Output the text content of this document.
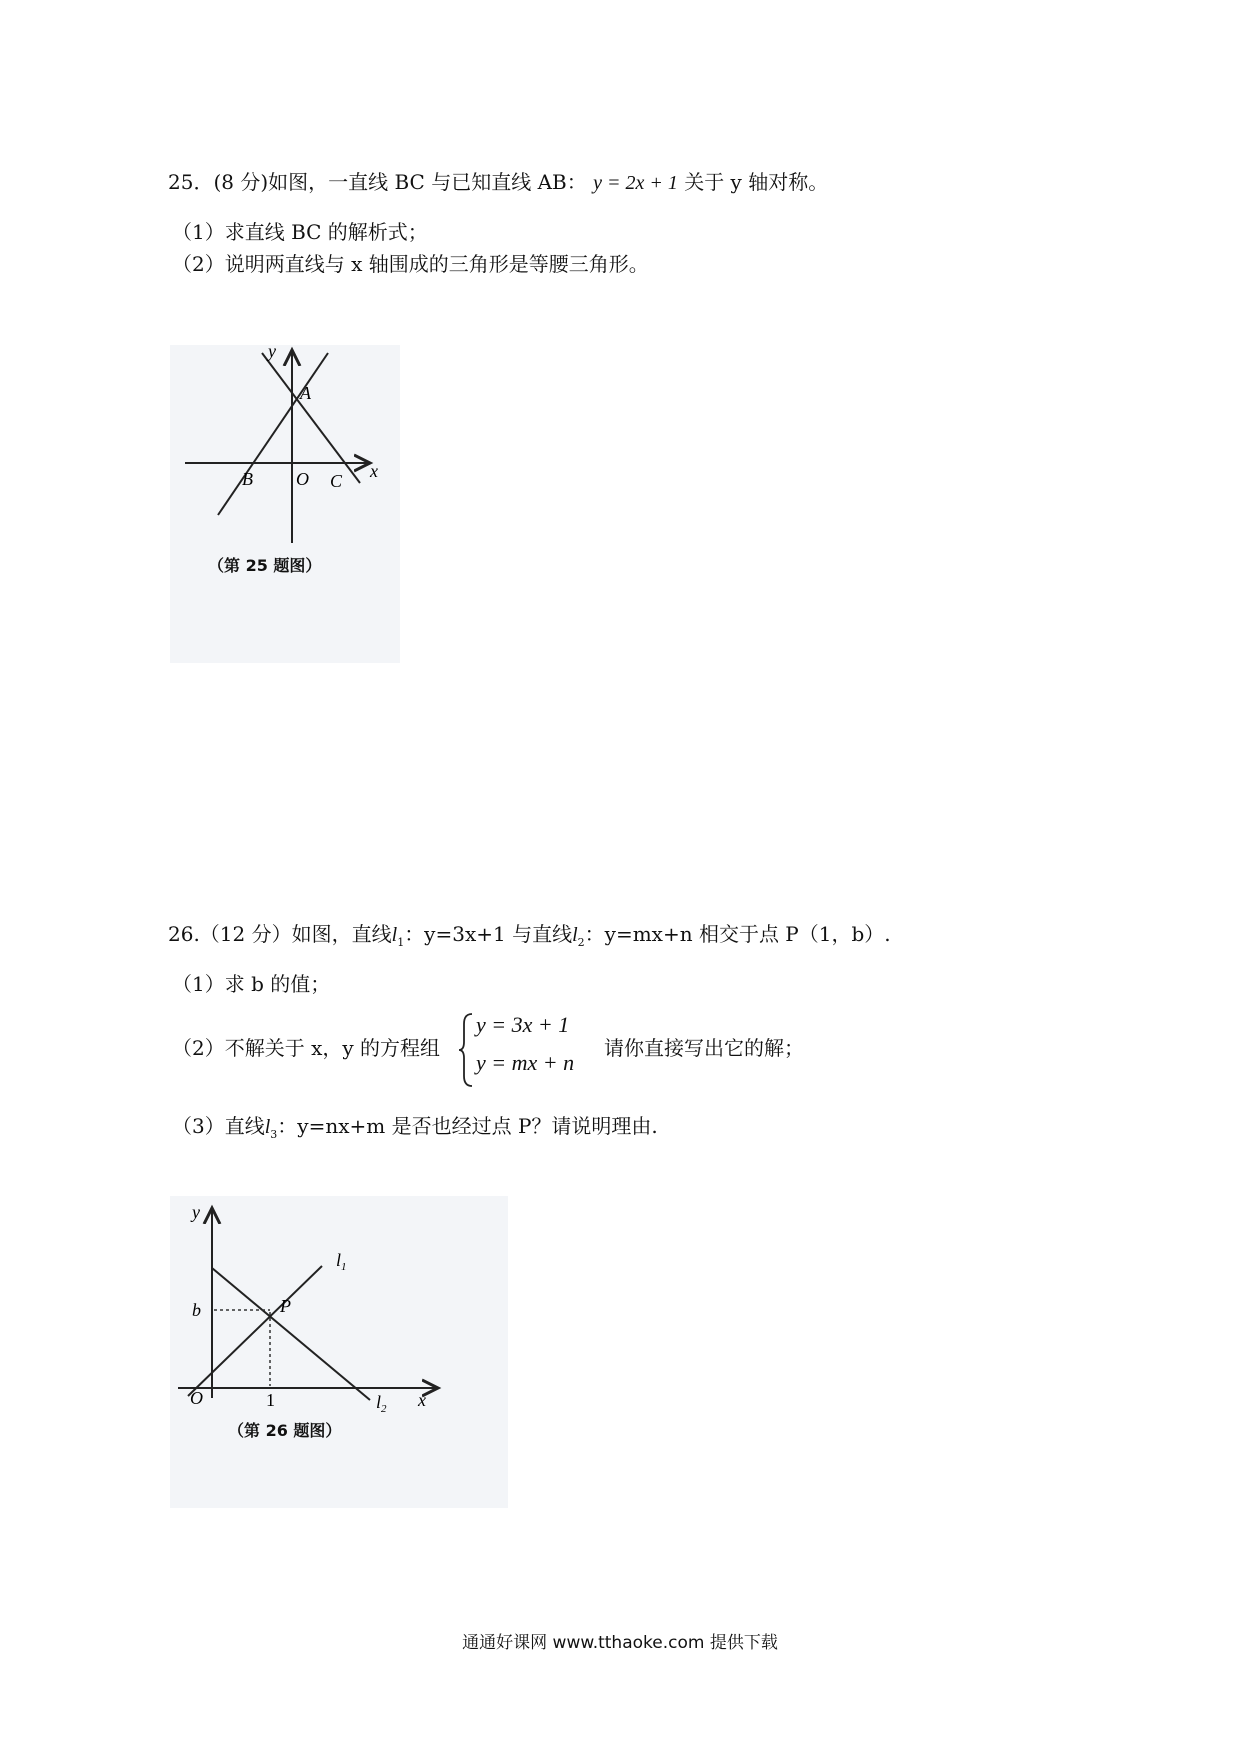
25．(8 分)如图，一直线 BC 与已知直线 AB： y = 2x + 1 关于 y 轴对称。
（1）求直线 BC 的解析式；
（2）说明两直线与 x 轴围成的三角形是等腰三角形。
y
x
A
B O C
（第 25 题图）
26.（12 分）如图，直线$l_1$：y=3x+1 与直线$l_2$：y=mx+n 相交于点 P（1，b）.
（1）求 b 的值；
（2）不解关于 x，y 的方程组
y = 3x + 1
y = mx + n
请你直接写出它的解；
（3）直线$l_3$：y=nx+m 是否也经过点 P？请说明理由.
y
x
O
b	P
1
$l_1$
$l_2$
（第 26 题图）
通通好课网 www.tthaoke.com 提供下载
